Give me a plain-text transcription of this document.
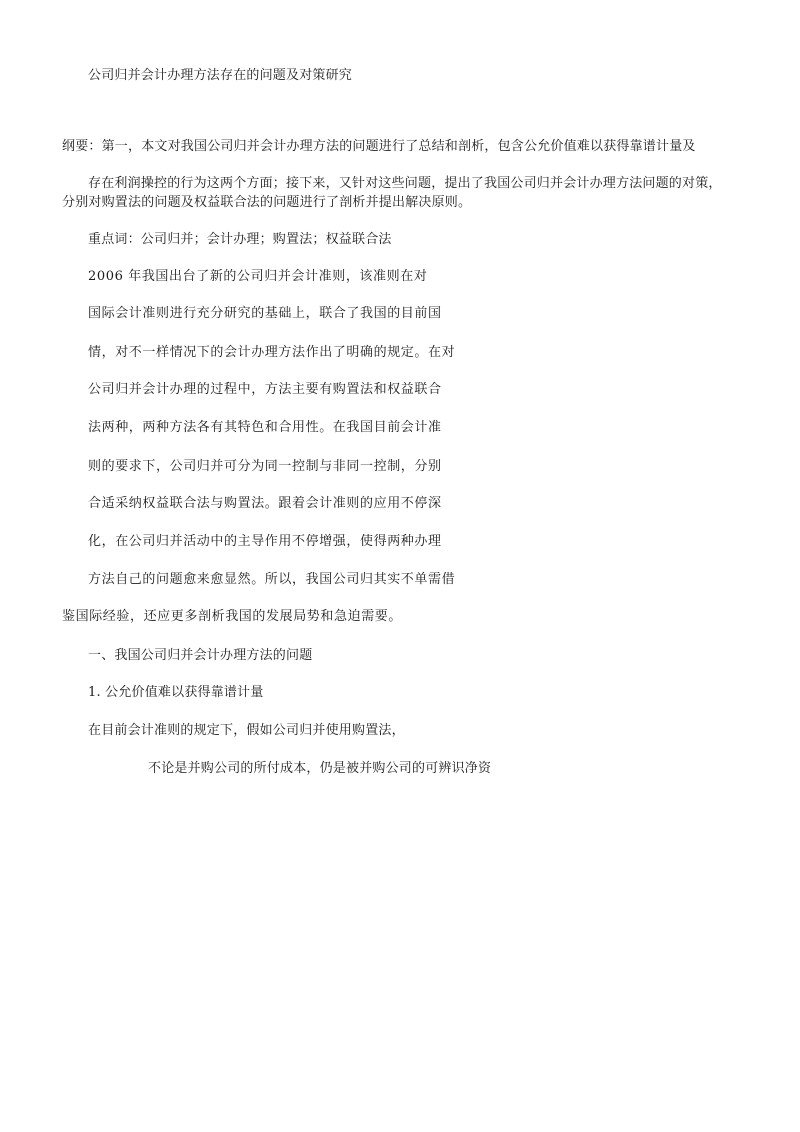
公司归并会计办理方法存在的问题及对策研究
纲要：第一，本文对我国公司归并会计办理方法的问题进行了总结和剖析，包含公允价值难以获得靠谱计量及
存在利润操控的行为这两个方面；接下来，又针对这些问题，提出了我国公司归并会计办理方法问题的对策，
分别对购置法的问题及权益联合法的问题进行了剖析并提出解决原则。
重点词：公司归并；会计办理；购置法；权益联合法
2006 年我国出台了新的公司归并会计准则，该准则在对
国际会计准则进行充分研究的基础上，联合了我国的目前国
情，对不一样情况下的会计办理方法作出了明确的规定。在对
公司归并会计办理的过程中，方法主要有购置法和权益联合
法两种，两种方法各有其特色和合用性。在我国目前会计准
则的要求下，公司归并可分为同一控制与非同一控制，分别
合适采纳权益联合法与购置法。跟着会计准则的应用不停深
化，在公司归并活动中的主导作用不停增强，使得两种办理
方法自己的问题愈来愈显然。所以，我国公司归其实不单需借
鉴国际经验，还应更多剖析我国的发展局势和急迫需要。
一、我国公司归并会计办理方法的问题
1. 公允价值难以获得靠谱计量
在目前会计准则的规定下，假如公司归并使用购置法，
不论是并购公司的所付成本，仍是被并购公司的可辨识净资
